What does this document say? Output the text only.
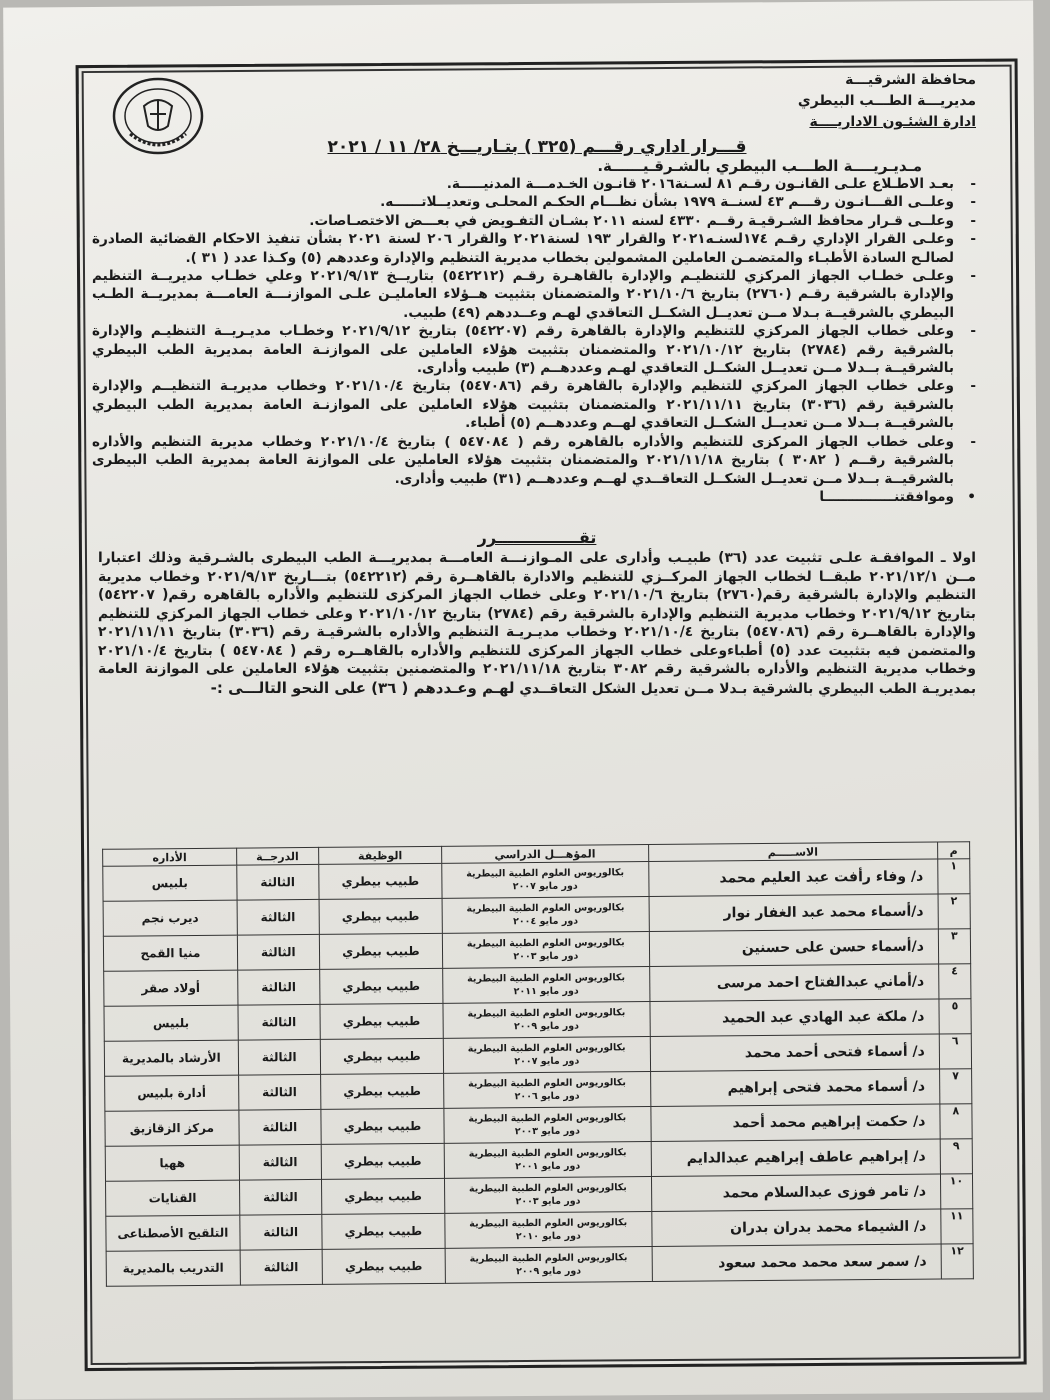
محافظة الشرقيـــة
مديريـــة الطـــب البيطري
ادارة الشئـون الاداريــــة
قـــرار اداري رقـــم (٣٢٥ ) بتـاريـــخ ٢٨/ ١١ / ٢٠٢١
مـديـريــــة الطـــب البيطري بالشـرقـيــــــة.
- بعـد الاطـلاع علـى القانـون رقـم ٨١ لسـنة٢٠١٦ قانـون الخـدمـــة المدنيـــــة.
- وعلــى القـــانـون رقـــم ٤٣ لسنــة ١٩٧٩ بشأن نظـــام الحكـم المحلـى وتعديــلاتــــــه.
- وعلــى قـرار محافظ الشـرقيـة رقــم ٤٣٣٠ لسنه ٢٠١١ بشـان التفـويض في بعـــض الاختصـاصات.
- وعلـى القرار الإداري رقـم ١٧٤لسنـه٢٠٢١ والقرار ١٩٣ لسنة٢٠٢١ والقرار ٢٠٦ لسنة ٢٠٢١ بشأن تنفيذ الاحكام القضائية الصادرة لصالـح السادة الأطبـاء والمتضمـن العاملين المشمولين بخطاب مديرية التنظيم والإدارة وعددهم (٥) وكـذا عدد ( ٣١ ).
- وعلـى خطـاب الجهاز المركزي للتنظيـم والإدارة بالقاهـرة رقـم (٥٤٢٢١٢) بتاريــخ ٢٠٢١/٩/١٣ وعلي خطـاب مديريــة التنظيم والإدارة بالشرقية رقـم (٢٧٦٠) بتاريخ ٢٠٢١/١٠/٦ والمتضمنان بتثبيت هــؤلاء العامليـن علـى الموازنـــة العامـــة بمديريــة الطـب البيطري بالشرقيــة بـدلا مــن تعديــل الشكــل التعاقدي لهـم وعــددهم (٤٩) طبيب.
- وعلى خطاب الجهاز المركزي للتنظيم والإدارة بالقاهرة رقم (٥٤٢٢٠٧) بتاريخ ٢٠٢١/٩/١٢ وخطـاب مديـريــة التنظيـم والإدارة بالشرقية رقم (٢٧٨٤) بتاريخ ٢٠٢١/١٠/١٢ والمتضمنان بتثبيت هؤلاء العاملين على الموازنـة العامة بمديرية الطب البيطري بالشرقيــة بــدلا مــن تعديــل الشكــل التعاقدي لهـم وعددهــم (٣) طبيب وأدارى.
- وعلى خطاب الجهاز المركزي للتنظيم والإدارة بالقاهرة رقم (٥٤٧٠٨٦) بتاريخ ٢٠٢١/١٠/٤ وخطاب مديريـة التنظيــم والإدارة بالشرقية رقم (٣٠٣٦) بتاريخ ٢٠٢١/١١/١١ والمتضمنان بتثبيت هؤلاء العاملين على الموازنـة العامة بمديرية الطب البيطري بالشرقيــة بــدلا مــن تعديــل الشكــل التعاقدي لهــم وعددهــم (٥) أطباء.
- وعلى خطاب الجهاز المركزى للتنظيم والأداره بالقاهره رقم ( ٥٤٧٠٨٤ ) بتاريخ ٢٠٢١/١٠/٤ وخطاب مديرية التنظيم والأداره بالشرقية رقــم ( ٣٠٨٢ ) بتاريخ ٢٠٢١/١١/١٨ والمتضمنان بتثبيت هؤلاء العاملين على الموازنة العامة بمديرية الطب البيطرى بالشرقيــة بــدلا مــن تعديــل الشكــل التعاقــدي لهــم وعددهــم (٣١) طبيب وأدارى.
• وموافقتنـــــــــــــــا
تقـــــــــــــــرر
اولا ـ الموافقـة علـى تثبيت عدد (٣٦) طبيـب وأدارى على المـوازنـــة العامـــة بمديريـــة الطب البيطرى بالشـرقية وذلك اعتبارا مــن ٢٠٢١/١٢/١ طبقــا لخطاب الجهاز المركــزي للتنظيم والادارة بالقاهــرة رقم (٥٤٢٢١٢) بتـــاريخ ٢٠٢١/٩/١٣ وخطاب مديرية التنظيم والإدارة بالشرقية رقم(٢٧٦٠) بتاريخ ٢٠٢١/١٠/٦ وعلى خطاب الجهاز المركزى للتنظيم والأداره بالقاهره رقم( ٥٤٢٢٠٧) بتاريخ ٢٠٢١/٩/١٢ وخطاب مديرية التنظيم والإدارة بالشرقية رقم (٢٧٨٤) بتاريخ ٢٠٢١/١٠/١٢ وعلى خطاب الجهاز المركزي للتنظيم والإدارة بالقاهــرة رقم (٥٤٧٠٨٦) بتاريخ ٢٠٢١/١٠/٤ وخطاب مديـريـة التنظيم والأداره بالشرقيـة رقم (٣٠٣٦) بتاريخ ٢٠٢١/١١/١١ والمتضمن فيه بتثبيت عدد (٥) أطباءوعلى خطاب الجهاز المركزى للتنظيم والأداره بالقاهــره رقم ( ٥٤٧٠٨٤ ) بتاريخ ٢٠٢١/١٠/٤ وخطاب مديرية التنظيم والأداره بالشرقية رقم ٣٠٨٢ بتاريخ ٢٠٢١/١١/١٨ والمتضمنين بتثبيت هؤلاء العاملين على الموازنة العامة بمديريـة الطب البيطري بالشرقية بـدلا مــن تعديل الشكل التعاقــدي لهـم وعـددهم ( ٣٦) على النحو التالـــى :-
م	الاســـــم	المؤهـــل الدراسي	الوظيفة	الدرجــة	الأداره
١	د/ وفاء رأفت عبد العليم محمد	بكالوريوس العلوم الطبية البيطرية
دور مايو ٢٠٠٧	طبيب بيطري	الثالثة	بلبيس
٢	د/أسماء محمد عبد الغفار نوار	بكالوريوس العلوم الطبية البيطرية
دور مايو ٢٠٠٤	طبيب بيطري	الثالثة	ديرب نجم
٣	د/أسماء حسن على حسنين	بكالوريوس العلوم الطبية البيطرية
دور مايو ٢٠٠٣	طبيب بيطري	الثالثة	منيا القمح
٤	د/أماني عبدالفتاح احمد مرسى	بكالوريوس العلوم الطبية البيطرية
دور مايو ٢٠١١	طبيب بيطري	الثالثة	أولاد صقر
٥	د/ ملكة عبد الهادي عبد الحميد	بكالوريوس العلوم الطبية البيطرية
دور مايو ٢٠٠٩	طبيب بيطري	الثالثة	بلبيس
٦	د/ أسماء فتحى أحمد محمد	بكالوريوس العلوم الطبية البيطرية
دور مايو ٢٠٠٧	طبيب بيطري	الثالثة	الأرشاد بالمديرية
٧	د/ أسماء محمد فتحى إبراهيم	بكالوريوس العلوم الطبية البيطرية
دور مايو ٢٠٠٦	طبيب بيطري	الثالثة	أدارة بلبيس
٨	د/ حكمت إبراهيم محمد أحمد	بكالوريوس العلوم الطبية البيطرية
دور مايو ٢٠٠٣	طبيب بيطري	الثالثة	مركز الزقازيق
٩	د/ إبراهيم عاطف إبراهيم عبدالدايم	بكالوريوس العلوم الطبية البيطرية
دور مايو ٢٠٠١	طبيب بيطري	الثالثة	ههيا
١٠	د/ تامر فوزى عبدالسلام محمد	بكالوريوس العلوم الطبية البيطرية
دور مايو ٢٠٠٣	طبيب بيطري	الثالثة	القنايات
١١	د/ الشيماء محمد بدران بدران	بكالوريوس العلوم الطبية البيطرية
دور مايو ٢٠١٠	طبيب بيطري	الثالثة	التلقيح الأصطناعى
١٢	د/ سمر سعد محمد محمد سعود	بكالوريوس العلوم الطبية البيطرية
دور مايو ٢٠٠٩	طبيب بيطري	الثالثة	التدريب بالمديرية
